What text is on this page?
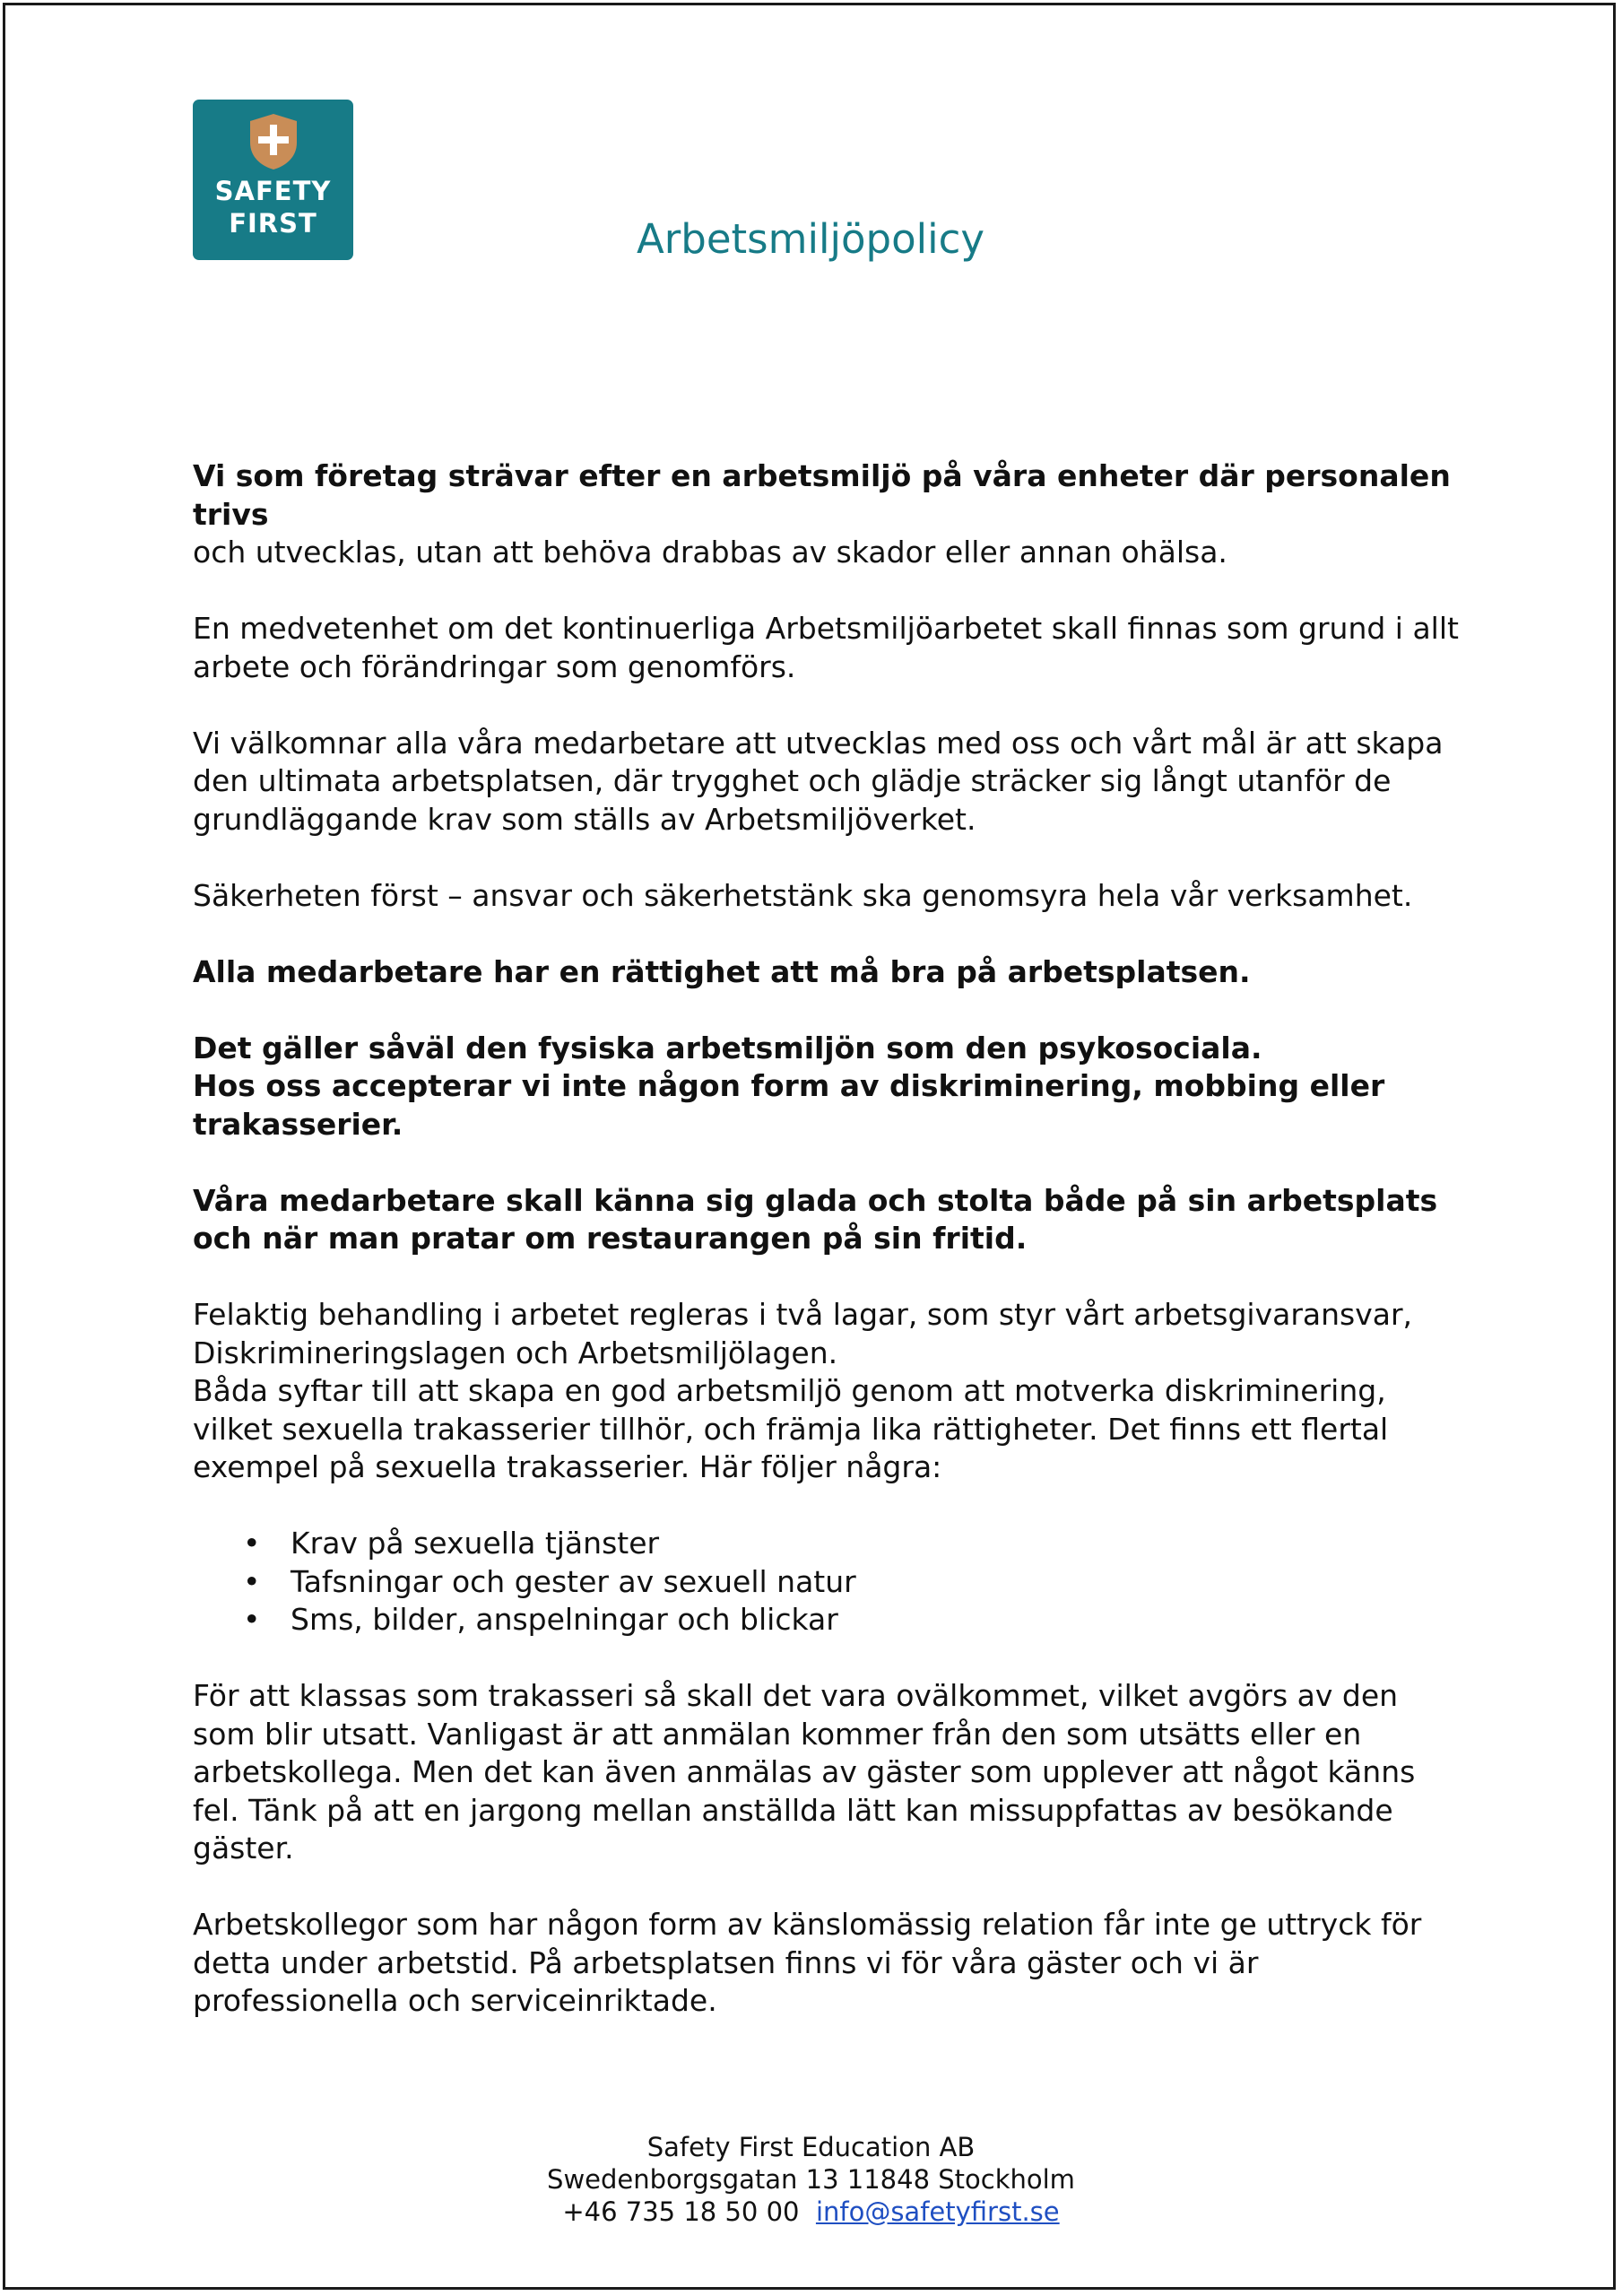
SAFETY
FIRST	Arbetsmiljöpolicy

Vi som företag strävar efter en arbetsmiljö på våra enheter där personalen trivs
och utvecklas, utan att behöva drabbas av skador eller annan ohälsa.

En medvetenhet om det kontinuerliga Arbetsmiljöarbetet skall finnas som grund i allt arbete och förändringar som genomförs.

Vi välkomnar alla våra medarbetare att utvecklas med oss och vårt mål är att skapa den ultimata arbetsplatsen, där trygghet och glädje sträcker sig långt utanför de grundläggande krav som ställs av Arbetsmiljöverket.

Säkerheten först – ansvar och säkerhetstänk ska genomsyra hela vår verksamhet.

Alla medarbetare har en rättighet att må bra på arbetsplatsen.

Det gäller såväl den fysiska arbetsmiljön som den psykosociala.

Hos oss accepterar vi inte någon form av diskriminering, mobbing eller trakasserier.

Våra medarbetare skall känna sig glada och stolta både på sin arbetsplats och när man pratar om restaurangen på sin fritid.

Felaktig behandling i arbetet regleras i två lagar, som styr vårt arbetsgivaransvar, Diskrimineringslagen och Arbetsmiljölagen.

Båda syftar till att skapa en god arbetsmiljö genom att motverka diskriminering, vilket sexuella trakasserier tillhör, och främja lika rättigheter. Det finns ett flertal exempel på sexuella trakasserier. Här följer några:

•	Krav på sexuella tjänster
•	Tafsningar och gester av sexuell natur
•	Sms, bilder, anspelningar och blickar

För att klassas som trakasseri så skall det vara ovälkommet, vilket avgörs av den som blir utsatt. Vanligast är att anmälan kommer från den som utsätts eller en arbetskollega. Men det kan även anmälas av gäster som upplever att något känns fel. Tänk på att en jargong mellan anställda lätt kan missuppfattas av besökande gäster.

Arbetskollegor som har någon form av känslomässig relation får inte ge uttryck för detta under arbetstid. På arbetsplatsen finns vi för våra gäster och vi är professionella och serviceinriktade.

Safety First Education AB
Swedenborgsgatan 13 11848 Stockholm
+46 735 18 50 00 info@safetyfirst.se
